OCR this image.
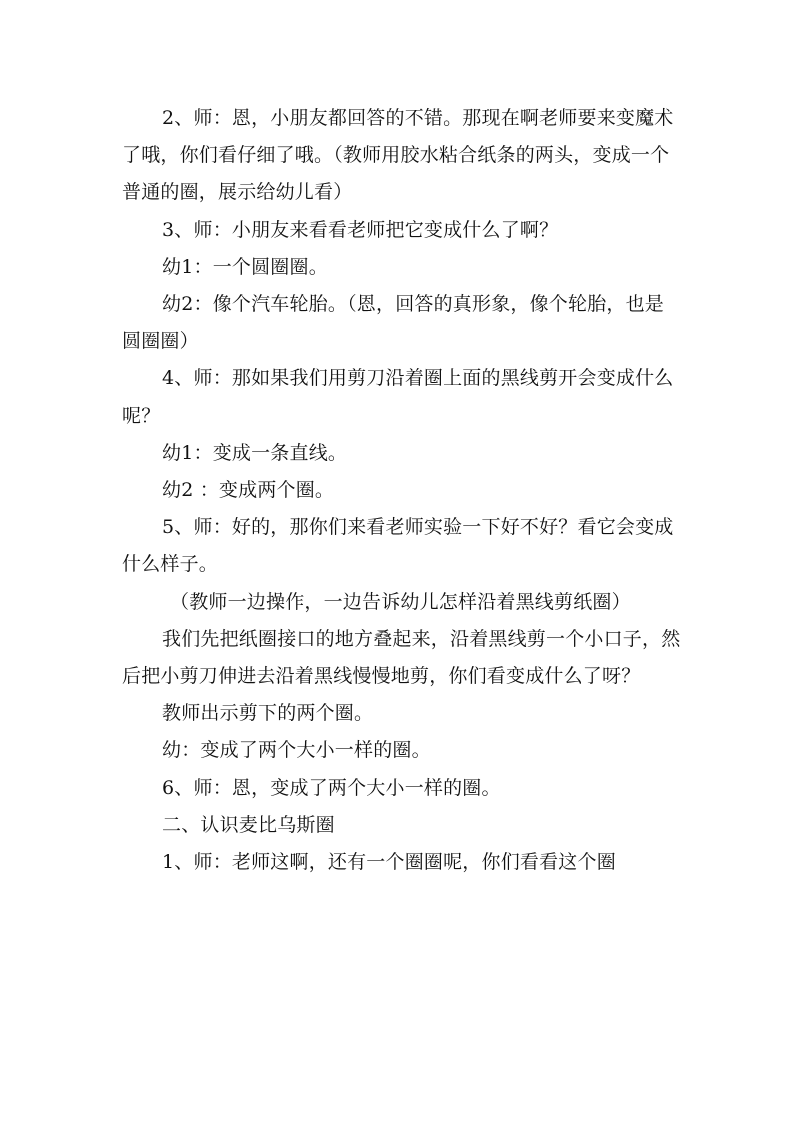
2、师：恩，小朋友都回答的不错。那现在啊老师要来变魔术了哦，你们看仔细了哦。（教师用胶水粘合纸条的两头，变成一个普通的圈，展示给幼儿看）

3、师：小朋友来看看老师把它变成什么了啊？

幼1：一个圆圈圈。

幼2：像个汽车轮胎。（恩，回答的真形象，像个轮胎，也是圆圈圈）

4、师：那如果我们用剪刀沿着圈上面的黑线剪开会变成什么呢？

幼1：变成一条直线。

幼2 ：变成两个圈。

5、师：好的，那你们来看老师实验一下好不好？看它会变成什么样子。

（教师一边操作，一边告诉幼儿怎样沿着黑线剪纸圈）

我们先把纸圈接口的地方叠起来，沿着黑线剪一个小口子，然后把小剪刀伸进去沿着黑线慢慢地剪，你们看变成什么了呀？

教师出示剪下的两个圈。

幼：变成了两个大小一样的圈。

6、师：恩，变成了两个大小一样的圈。

二、认识麦比乌斯圈

1、师：老师这啊，还有一个圈圈呢，你们看看这个圈
